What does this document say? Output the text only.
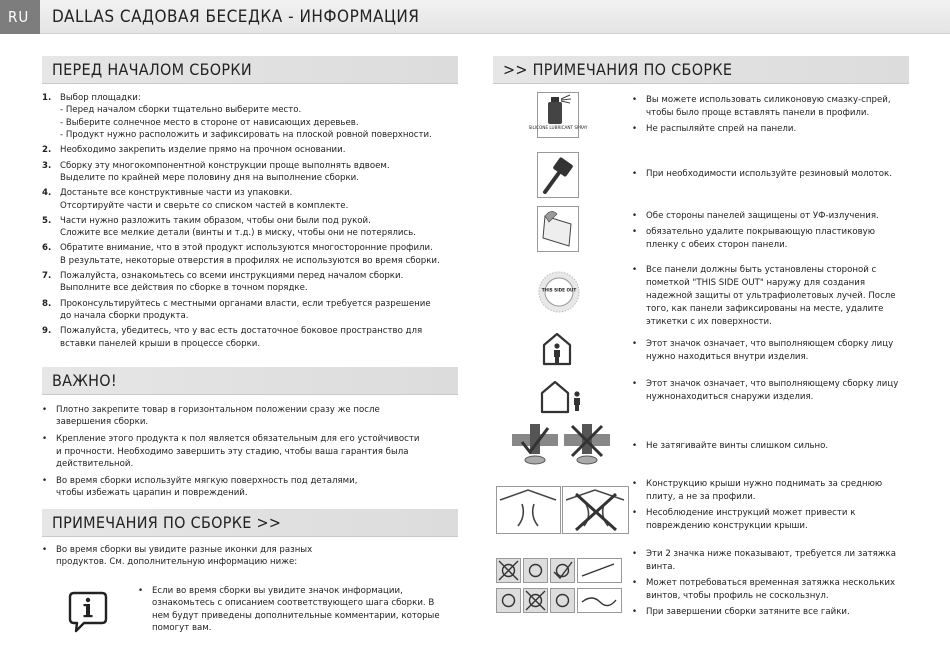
RU	DALLAS САДОВАЯ БЕСЕДКА - ИНФОРМАЦИЯ
ПЕРЕД НАЧАЛОМ СБОРКИ
1.	Выбор площадки:
- Перед началом сборки тщательно выберите место.
- Выберите солнечное место в стороне от нависающих деревьев.
- Продукт нужно расположить и зафиксировать на плоской ровной поверхности.
2.	Необходимо закрепить изделие прямо на прочном основании.
3.	Сборку эту многокомпонентной конструкции проще выполнять вдвоем.
Выделите по крайней мере половину дня на выполнение сборки.
4.	Достаньте все конструктивные части из упаковки.
Отсортируйте части и сверьте со списком частей в комплекте.
5.	Части нужно разложить таким образом, чтобы они были под рукой.
Сложите все мелкие детали (винты и т.д.) в миску, чтобы они не потерялись.
6.	Обратите внимание, что в этой продукт используются многосторонние профили.
В результате, некоторые отверстия в профилях не используются во время сборки.
7.	Пожалуйста, ознакомьтесь со всеми инструкциями перед началом сборки.
Выполните все действия по сборке в точном порядке.
8.	Проконсультируйтесь с местными органами власти, если требуется разрешение
до начала сборки продукта.
9.	Пожалуйста, убедитесь, что у вас есть достаточное боковое пространство для
вставки панелей крыши в процессе сборки.
ВАЖНО!
•	Плотно закрепите товар в горизонтальном положении сразу же после
завершения сборки.
•	Крепление этого продукта к пол является обязательным для его устойчивости
и прочности. Необходимо завершить эту стадию, чтобы ваша гарантия была
действительной.
•	Во время сборки используйте мягкую поверхность под деталями,
чтобы избежать царапин и повреждений.
ПРИМЕЧАНИЯ ПО СБОРКЕ >>
•	Во время сборки вы увидите разные иконки для разных
продуктов. См. дополнительную информацию ниже:
•	Если во время сборки вы увидите значок информации,
ознакомьтесь с описанием соответствующего шага сборки. В
нем будут приведены дополнительные комментарии, которые
помогут вам.
>> ПРИМЕЧАНИЯ ПО СБОРКЕ
SILICONE LUBRICANT SPRAY
•	Вы можете использовать силиконовую смазку-спрей,
чтобы было проще вставлять панели в профили.
•	Не распыляйте спрей на панели.
•	При необходимости используйте резиновый молоток.
•	Обе стороны панелей защищены от УФ-излучения.
•	обязательно удалите покрывающую пластиковую
пленку с обеих сторон панели.
THIS SIDE OUT
•	Все панели должны быть установлены стороной с
пометкой "THIS SIDE OUT" наружу для создания
надежной защиты от ультрафиолетовых лучей. После
того, как панели зафиксированы на месте, удалите
этикетки с их поверхности.
•	Этот значок означает, что выполняющем сборку лицу
нужно находиться внутри изделия.
•	Этот значок означает, что выполняющему сборку лицу
нужнонаходиться снаружи изделия.
•	Не затягивайте винты слишком сильно.
•	Конструкцию крыши нужно поднимать за среднюю
плиту, а не за профили.
•	Несоблюдение инструкций может привести к
повреждению конструкции крыши.
•	Эти 2 значка ниже показывают, требуется ли затяжка
винта.
•	Может потребоваться временная затяжка нескольких
винтов, чтобы профиль не соскользнул.
•	При завершении сборки затяните все гайки.
